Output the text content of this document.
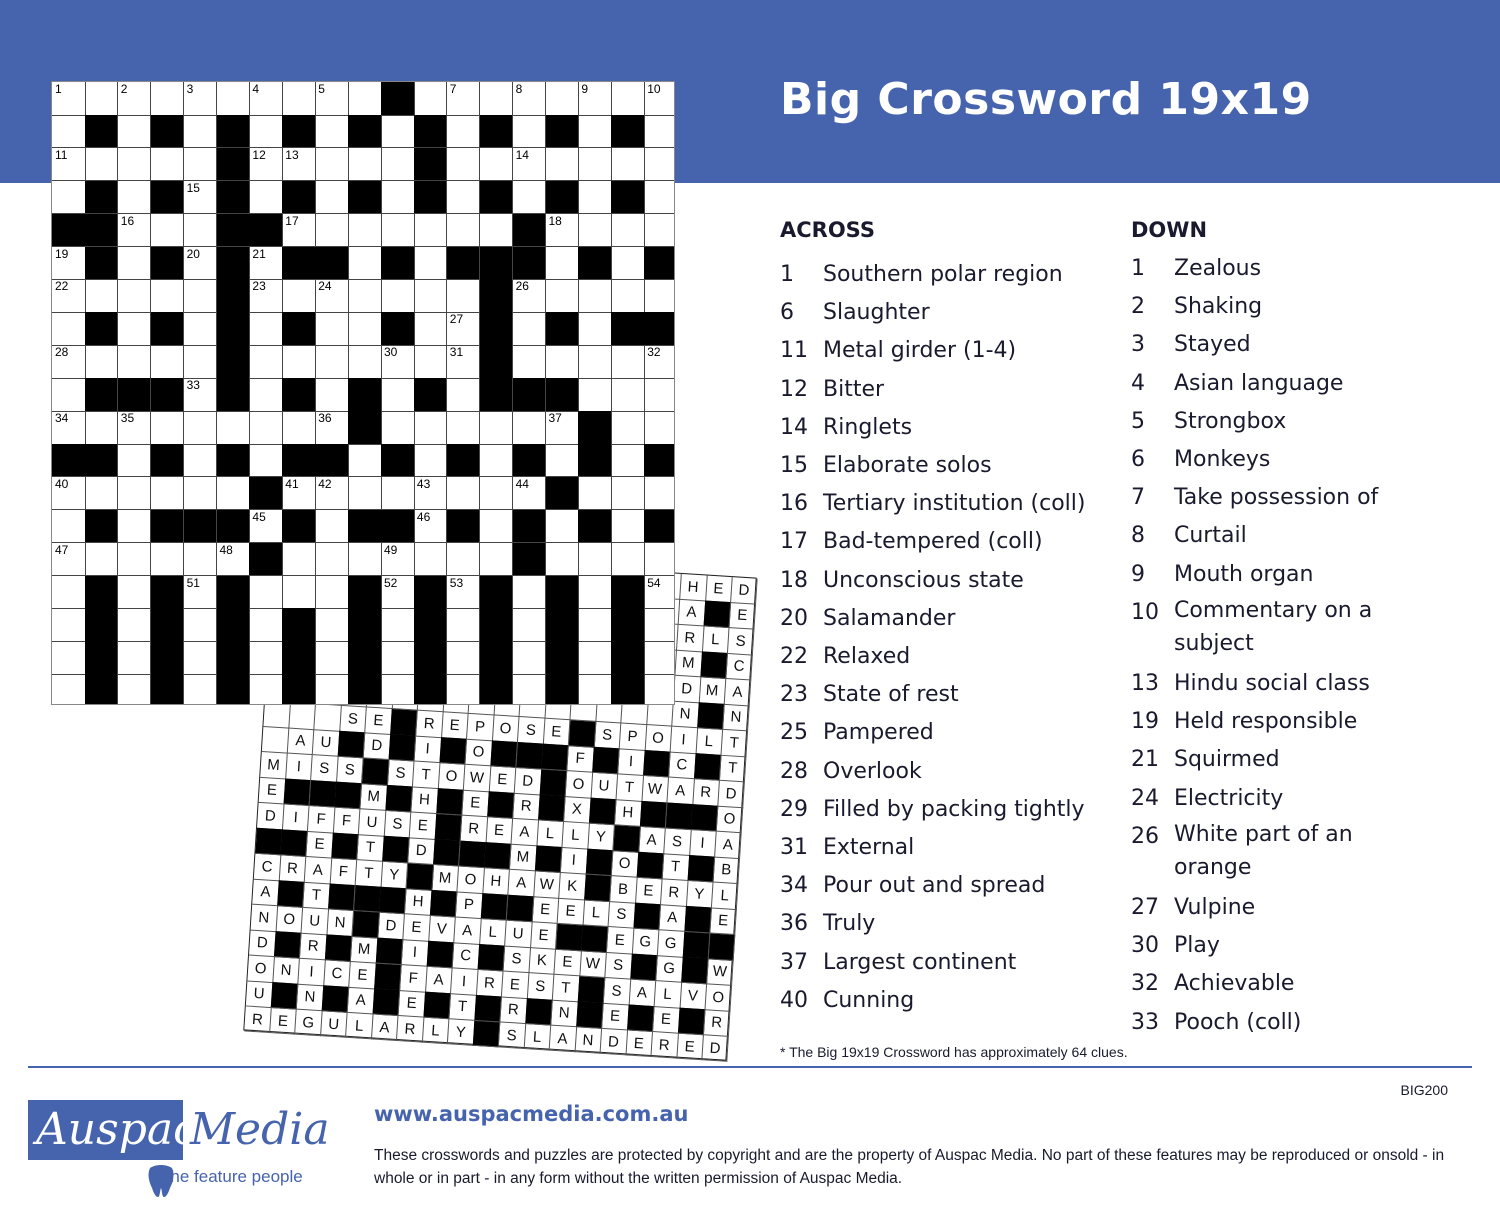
Big Crossword 19x19
H E D
A	E
R L	S
M	C
D M A
N	N
S E	R E P O S E	S P O	I	L	T
A U	D	I	O	F	I	C	T
M	I	S S	S T O W E D	O U T W A R D
E	M	H	E	R	X	H	O
D	I	F	F U S E	R E A	L	L	Y	A S	I	A
E	T	D	M	I	O	T	B
C R A F	T Y	M O H A W K	B E R Y	L
A	T	H	P	E E	L	S	A	E
N O U N	D E V A	L U E	E G G
D	R	M	I	C	S K E W S	G	W
O N	I	C E	F A	I	R E S T	S A	L	V O
U	N	A	E	T	R	N	E	E	R
R E G U L	A R L	Y	S	L	A N D E R E D
1	2	3	4	5	6	7	8	9	10
11	12 13	14
15
16	17	18
19	20	21
22	23	24	25 26
27
28	29	30	31	32
33
34	35	36	37 38
39
40	41 42	43	44
45	46
47	48	49	50
51	52	53	54
ACROSS	DOWN
1 Southern polar region
6 Slaughter
11 Metal girder (1-4)
12 Bitter
14 Ringlets
15 Elaborate solos
16 Tertiary institution (coll)
17 Bad-tempered (coll)
18 Unconscious state
20 Salamander
22 Relaxed
23 State of rest
25 Pampered
28 Overlook
29 Filled by packing tightly
31 External
34 Pour out and spread
36 Truly
37 Largest continent
40 Cunning
1 Zealous
2 Shaking
3 Stayed
4 Asian language
5 Strongbox
6 Monkeys
7 Take possession of
8 Curtail
9 Mouth organ
10 Commentary on a subject
13 Hindu social class
19 Held responsible
21 Squirmed
24 Electricity
26 White part of an orange
27 Vulpine
30 Play
32 Achievable
33 Pooch (coll)
* The Big 19x19 Crossword has approximately 64 clues.
BIG200
Auspac
Media
The feature people
www.auspacmedia.com.au
These crosswords and puzzles are protected by copyright and are the property of Auspac Media. No part of these features may be reproduced or onsold - in whole or in part - in any form without the written permission of Auspac Media.
